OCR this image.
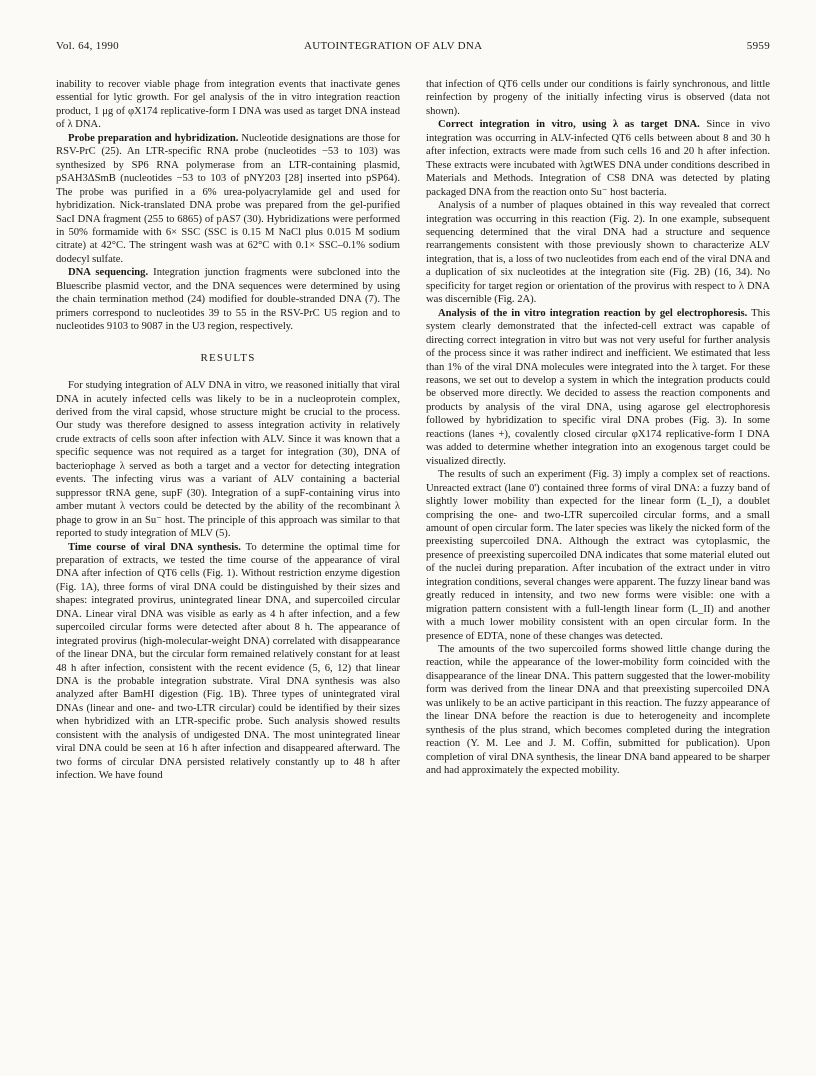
Vol. 64, 1990	AUTOINTEGRATION OF ALV DNA	5959

inability to recover viable phage from integration events that inactivate genes essential for lytic growth. For gel analysis of the in vitro integration reaction product, 1 μg of φX174 replicative-form I DNA was used as target DNA instead of λ DNA.

Probe preparation and hybridization. Nucleotide designations are those for RSV-PrC (25). An LTR-specific RNA probe (nucleotides −53 to 103) was synthesized by SP6 RNA polymerase from an LTR-containing plasmid, pSAH3ΔSmB (nucleotides −53 to 103 of pNY203 [28] inserted into pSP64). The probe was purified in a 6% urea-polyacrylamide gel and used for hybridization. Nick-translated DNA probe was prepared from the gel-purified SacI DNA fragment (255 to 6865) of pAS7 (30). Hybridizations were performed in 50% formamide with 6× SSC (SSC is 0.15 M NaCl plus 0.015 M sodium citrate) at 42°C. The stringent wash was at 62°C with 0.1× SSC–0.1% sodium dodecyl sulfate.

DNA sequencing. Integration junction fragments were subcloned into the Bluescribe plasmid vector, and the DNA sequences were determined by using the chain termination method (24) modified for double-stranded DNA (7). The primers correspond to nucleotides 39 to 55 in the RSV-PrC U5 region and to nucleotides 9103 to 9087 in the U3 region, respectively.

RESULTS

For studying integration of ALV DNA in vitro, we reasoned initially that viral DNA in acutely infected cells was likely to be in a nucleoprotein complex, derived from the viral capsid, whose structure might be crucial to the process. Our study was therefore designed to assess integration activity in relatively crude extracts of cells soon after infection with ALV. Since it was known that a specific sequence was not required as a target for integration (30), DNA of bacteriophage λ served as both a target and a vector for detecting integration events. The infecting virus was a variant of ALV containing a bacterial suppressor tRNA gene, supF (30). Integration of a supF-containing virus into amber mutant λ vectors could be detected by the ability of the recombinant λ phage to grow in an Su⁻ host. The principle of this approach was similar to that reported to study integration of MLV (5).

Time course of viral DNA synthesis. To determine the optimal time for preparation of extracts, we tested the time course of the appearance of viral DNA after infection of QT6 cells (Fig. 1). Without restriction enzyme digestion (Fig. 1A), three forms of viral DNA could be distinguished by their sizes and shapes: integrated provirus, unintegrated linear DNA, and supercoiled circular DNA. Linear viral DNA was visible as early as 4 h after infection, and a few supercoiled circular forms were detected after about 8 h. The appearance of integrated provirus (high-molecular-weight DNA) correlated with disappearance of the linear DNA, but the circular form remained relatively constant for at least 48 h after infection, consistent with the recent evidence (5, 6, 12) that linear DNA is the probable integration substrate. Viral DNA synthesis was also analyzed after BamHI digestion (Fig. 1B). Three types of unintegrated viral DNAs (linear and one- and two-LTR circular) could be identified by their sizes when hybridized with an LTR-specific probe. Such analysis showed results consistent with the analysis of undigested DNA. The most unintegrated linear viral DNA could be seen at 16 h after infection and disappeared afterward. The two forms of circular DNA persisted relatively constantly up to 48 h after infection. We have found

that infection of QT6 cells under our conditions is fairly synchronous, and little reinfection by progeny of the initially infecting virus is observed (data not shown).

Correct integration in vitro, using λ as target DNA. Since in vivo integration was occurring in ALV-infected QT6 cells between about 8 and 30 h after infection, extracts were made from such cells 16 and 20 h after infection. These extracts were incubated with λgtWES DNA under conditions described in Materials and Methods. Integration of CS8 DNA was detected by plating packaged DNA from the reaction onto Su⁻ host bacteria.

Analysis of a number of plaques obtained in this way revealed that correct integration was occurring in this reaction (Fig. 2). In one example, subsequent sequencing determined that the viral DNA had a structure and sequence rearrangements consistent with those previously shown to characterize ALV integration, that is, a loss of two nucleotides from each end of the viral DNA and a duplication of six nucleotides at the integration site (Fig. 2B) (16, 34). No specificity for target region or orientation of the provirus with respect to λ DNA was discernible (Fig. 2A).

Analysis of the in vitro integration reaction by gel electrophoresis. This system clearly demonstrated that the infected-cell extract was capable of directing correct integration in vitro but was not very useful for further analysis of the process since it was rather indirect and inefficient. We estimated that less than 1% of the viral DNA molecules were integrated into the λ target. For these reasons, we set out to develop a system in which the integration products could be observed more directly. We decided to assess the reaction components and products by analysis of the viral DNA, using agarose gel electrophoresis followed by hybridization to specific viral DNA probes (Fig. 3). In some reactions (lanes +), covalently closed circular φX174 replicative-form I DNA was added to determine whether integration into an exogenous target could be visualized directly.

The results of such an experiment (Fig. 3) imply a complex set of reactions. Unreacted extract (lane 0') contained three forms of viral DNA: a fuzzy band of slightly lower mobility than expected for the linear form (L_I), a doublet comprising the one- and two-LTR supercoiled circular forms, and a small amount of open circular form. The later species was likely the nicked form of the preexisting supercoiled DNA. Although the extract was cytoplasmic, the presence of preexisting supercoiled DNA indicates that some material eluted out of the nuclei during preparation. After incubation of the extract under in vitro integration conditions, several changes were apparent. The fuzzy linear band was greatly reduced in intensity, and two new forms were visible: one with a migration pattern consistent with a full-length linear form (L_II) and another with a much lower mobility consistent with an open circular form. In the presence of EDTA, none of these changes was detected.

The amounts of the two supercoiled forms showed little change during the reaction, while the appearance of the lower-mobility form coincided with the disappearance of the linear DNA. This pattern suggested that the lower-mobility form was derived from the linear DNA and that preexisting supercoiled DNA was unlikely to be an active participant in this reaction. The fuzzy appearance of the linear DNA before the reaction is due to heterogeneity and incomplete synthesis of the plus strand, which becomes completed during the integration reaction (Y. M. Lee and J. M. Coffin, submitted for publication). Upon completion of viral DNA synthesis, the linear DNA band appeared to be sharper and had approximately the expected mobility.
